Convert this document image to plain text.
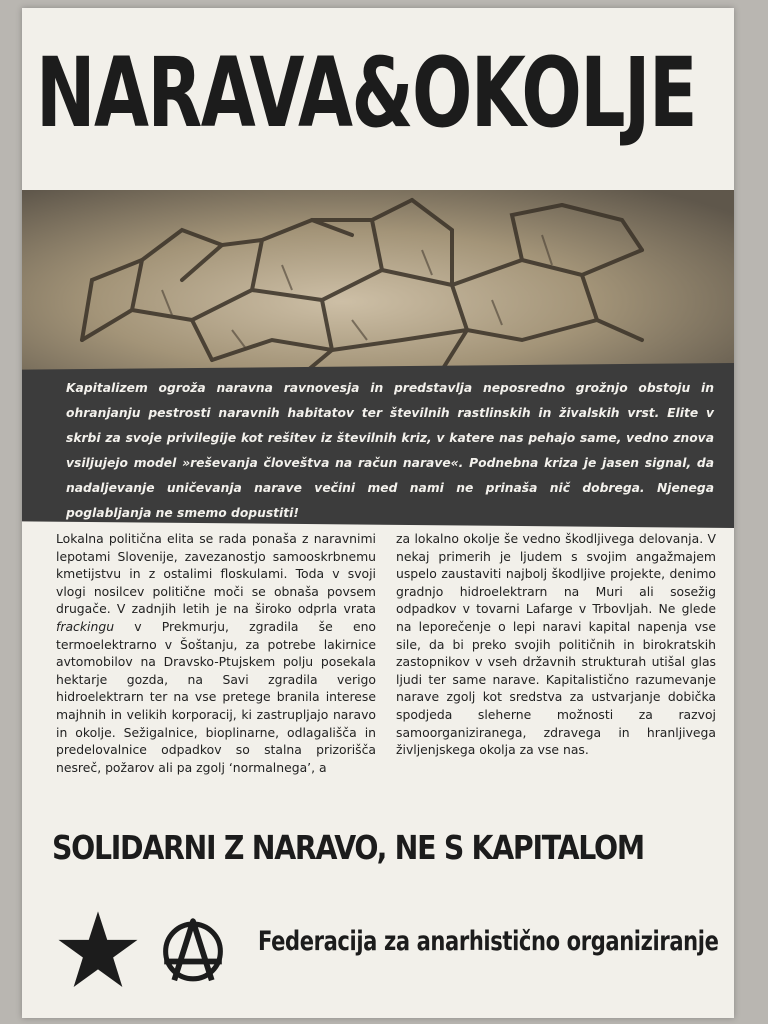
NARAVA&OKOLJE

Kapitalizem ogroža naravna ravnovesja in predstavlja neposredno grožnjo obstoju in ohranjanju pestrosti naravnih habitatov ter številnih rastlinskih in živalskih vrst. Elite v skrbi za svoje privilegije kot rešitev iz številnih kriz, v katere nas pehajo same, vedno znova vsiljujejo model »reševanja človeštva na račun narave«. Podnebna kriza je jasen signal, da nadaljevanje uničevanja narave večini med nami ne prinaša nič dobrega. Njenega poglabljanja ne smemo dopustiti!

Lokalna politična elita se rada ponaša z naravnimi lepotami Slovenije, zavezanostjo samooskrbnemu kmetijstvu in z ostalimi floskulami. Toda v svoji vlogi nosilcev politične moči se obnaša povsem drugače. V zadnjih letih je na široko odprla vrata frackingu v Prekmurju, zgradila še eno termoelektrarno v Šoštanju, za potrebe lakirnice avtomobilov na Dravsko-Ptujskem polju posekala hektarje gozda, na Savi zgradila verigo hidroelektrarn ter na vse pretege branila interese majhnih in velikih korporacij, ki zastrupljajo naravo in okolje. Sežigalnice, bioplinarne, odlagališča in predelovalnice odpadkov so stalna prizorišča nesreč, požarov ali pa zgolj ‘normalnega’, a

za lokalno okolje še vedno škodljivega delovanja. V nekaj primerih je ljudem s svojim angažmajem uspelo zaustaviti najbolj škodljive projekte, denimo gradnjo hidroelektrarn na Muri ali sosežig odpadkov v tovarni Lafarge v Trbovljah. Ne glede na leporečenje o lepi naravi kapital napenja vse sile, da bi preko svojih političnih in birokratskih zastopnikov v vseh državnih strukturah utišal glas ljudi ter same narave. Kapitalistično razumevanje narave zgolj kot sredstva za ustvarjanje dobička spodjeda sleherne možnosti za razvoj samoorganiziranega, zdravega in hranljivega življenjskega okolja za vse nas.

SOLIDARNI Z NARAVO, NE S KAPITALOM

Federacija za anarhistično organiziranje
